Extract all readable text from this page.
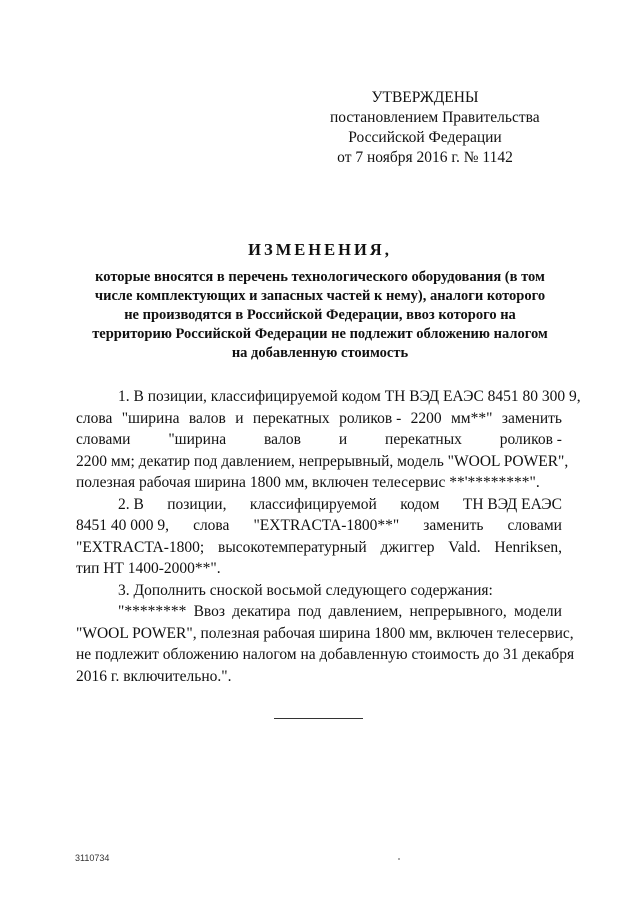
УТВЕРЖДЕНЫ
постановлением Правительства
Российской Федерации
от 7 ноября 2016 г. № 1142
ИЗМЕНЕНИЯ,
которые вносятся в перечень технологического оборудования (в том
числе комплектующих и запасных частей к нему), аналоги которого
не производятся в Российской Федерации, ввоз которого на
территорию Российской Федерации не подлежит обложению налогом
на добавленную стоимость
1. В позиции, классифицируемой кодом ТН ВЭД ЕАЭС 8451 80 300 9,
слова "ширина валов и перекатных роликов - 2200 мм**" заменить
словами "ширина валов и перекатных роликов -
2200 мм; декатир под давлением, непрерывный, модель "WOOL POWER",
полезная рабочая ширина 1800 мм, включен телесервис **'********".
2. В позиции, классифицируемой кодом ТН ВЭД ЕАЭС
8451 40 000 9, слова "EXTRACTA-1800**" заменить словами
"EXTRACTA-1800; высокотемпературный джиггер Vald. Henriksen,
тип НТ 1400-2000**".
3. Дополнить сноской восьмой следующего содержания:
"******** Ввоз декатира под давлением, непрерывного, модели
"WOOL POWER", полезная рабочая ширина 1800 мм, включен телесервис,
не подлежит обложению налогом на добавленную стоимость до 31 декабря
2016 г. включительно.".
3110734
